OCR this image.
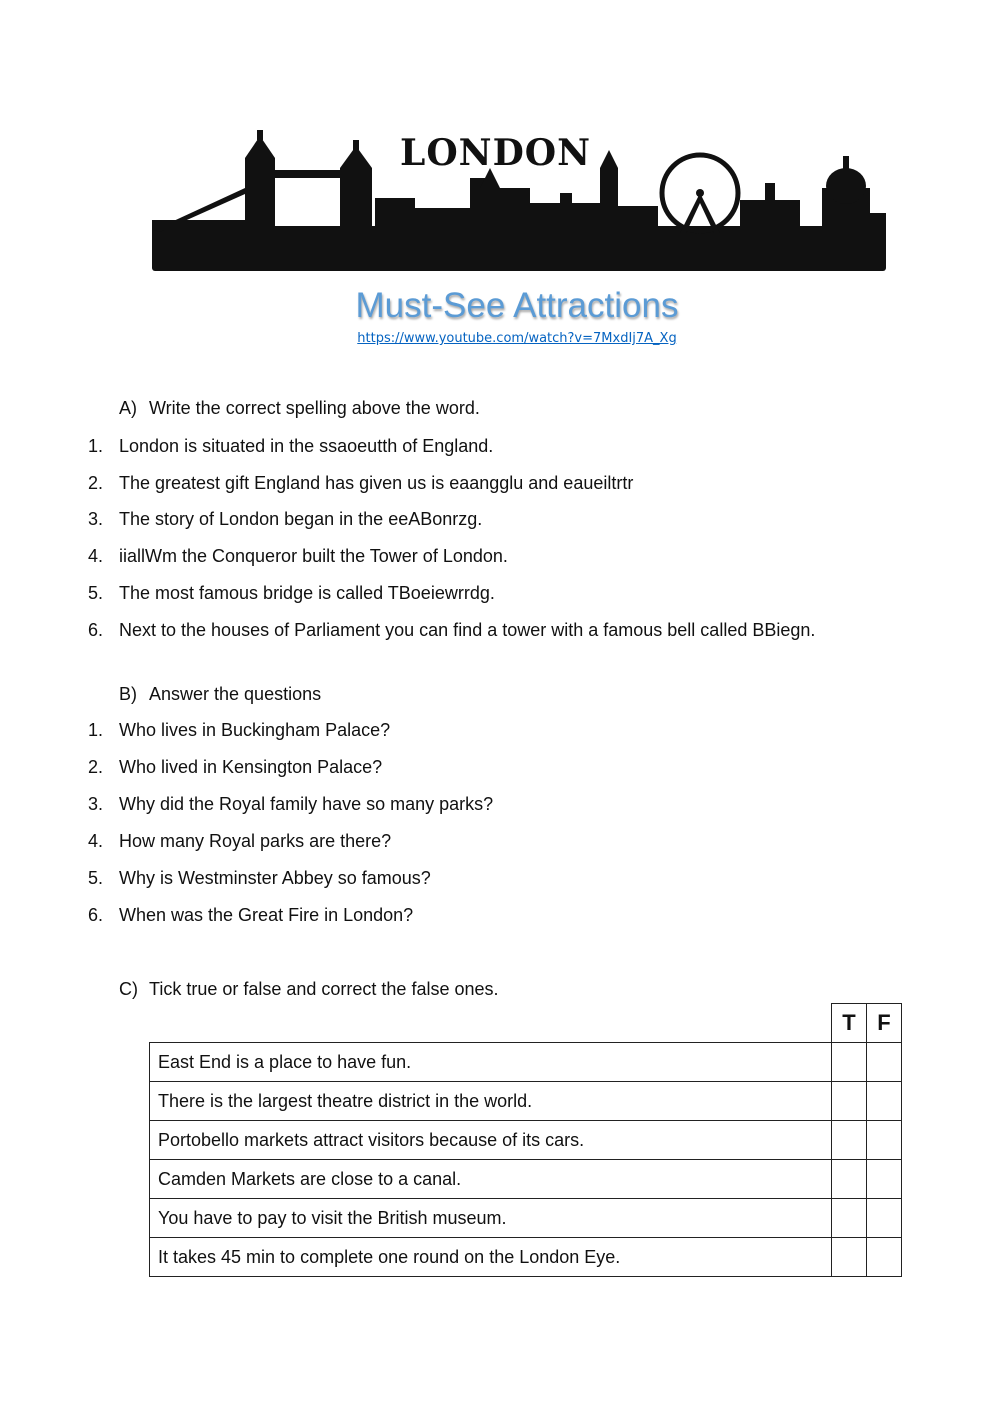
LONDON
Must-See Attractions
https://www.youtube.com/watch?v=7MxdIj7A_Xg
A) Write the correct spelling above the word.
1. London is situated in the ssaoeutth of England.
2. The greatest gift England has given us is eaangglu and eaueiltrtr
3. The story of London began in the eeABonrzg.
4. iiallWm the Conqueror built the Tower of London.
5. The most famous bridge is called TBoeiewrrdg.
6. Next to the houses of Parliament you can find a tower with a famous bell called BBiegn.
B) Answer the questions
1. Who lives in Buckingham Palace?
2. Who lived in Kensington Palace?
3. Why did the Royal family have so many parks?
4. How many Royal parks are there?
5. Why is Westminster Abbey so famous?
6. When was the Great Fire in London?
C) Tick true or false and correct the false ones.
	T	F
East End is a place to have fun.		
There is the largest theatre district in the world.		
Portobello markets attract visitors because of its cars.		
Camden Markets are close to a canal.		
You have to pay to visit the British museum.		
It takes 45 min to complete one round on the London Eye.		
